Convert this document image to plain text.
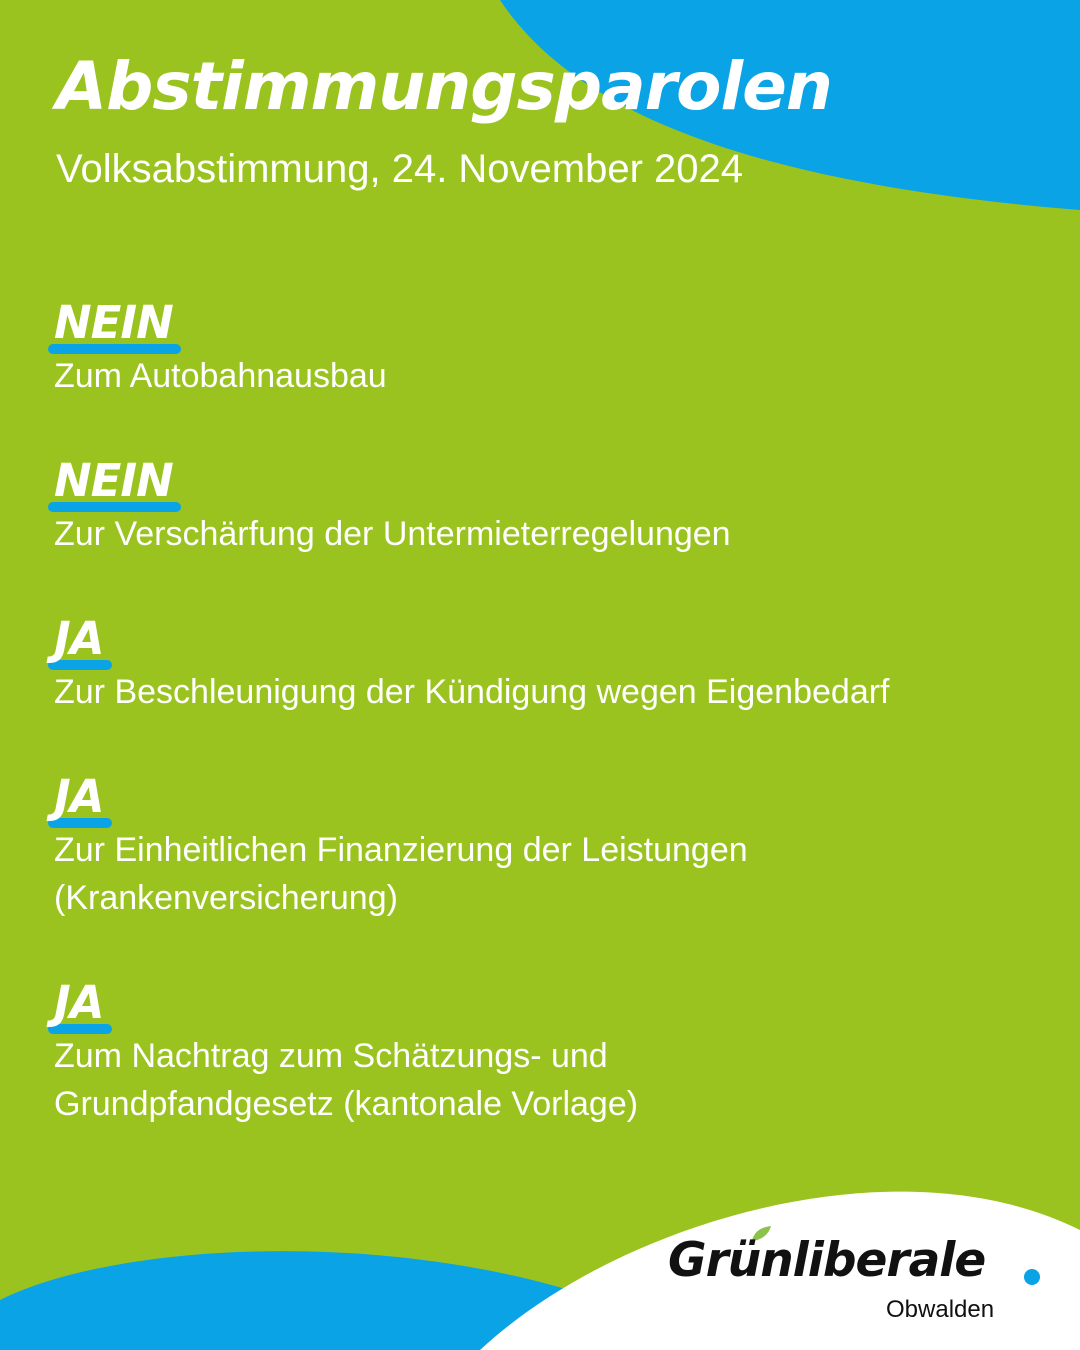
Abstimmungsparolen
Volksabstimmung, 24. November 2024
NEIN
Zum Autobahnausbau
NEIN
Zur Verschärfung der Untermieterregelungen
JA
Zur Beschleunigung der Kündigung wegen Eigenbedarf
JA
Zur Einheitlichen Finanzierung der Leistungen
(Krankenversicherung)
JA
Zum Nachtrag zum Schätzungs- und
Grundpfandgesetz (kantonale Vorlage)
Grünliberale
Obwalden
